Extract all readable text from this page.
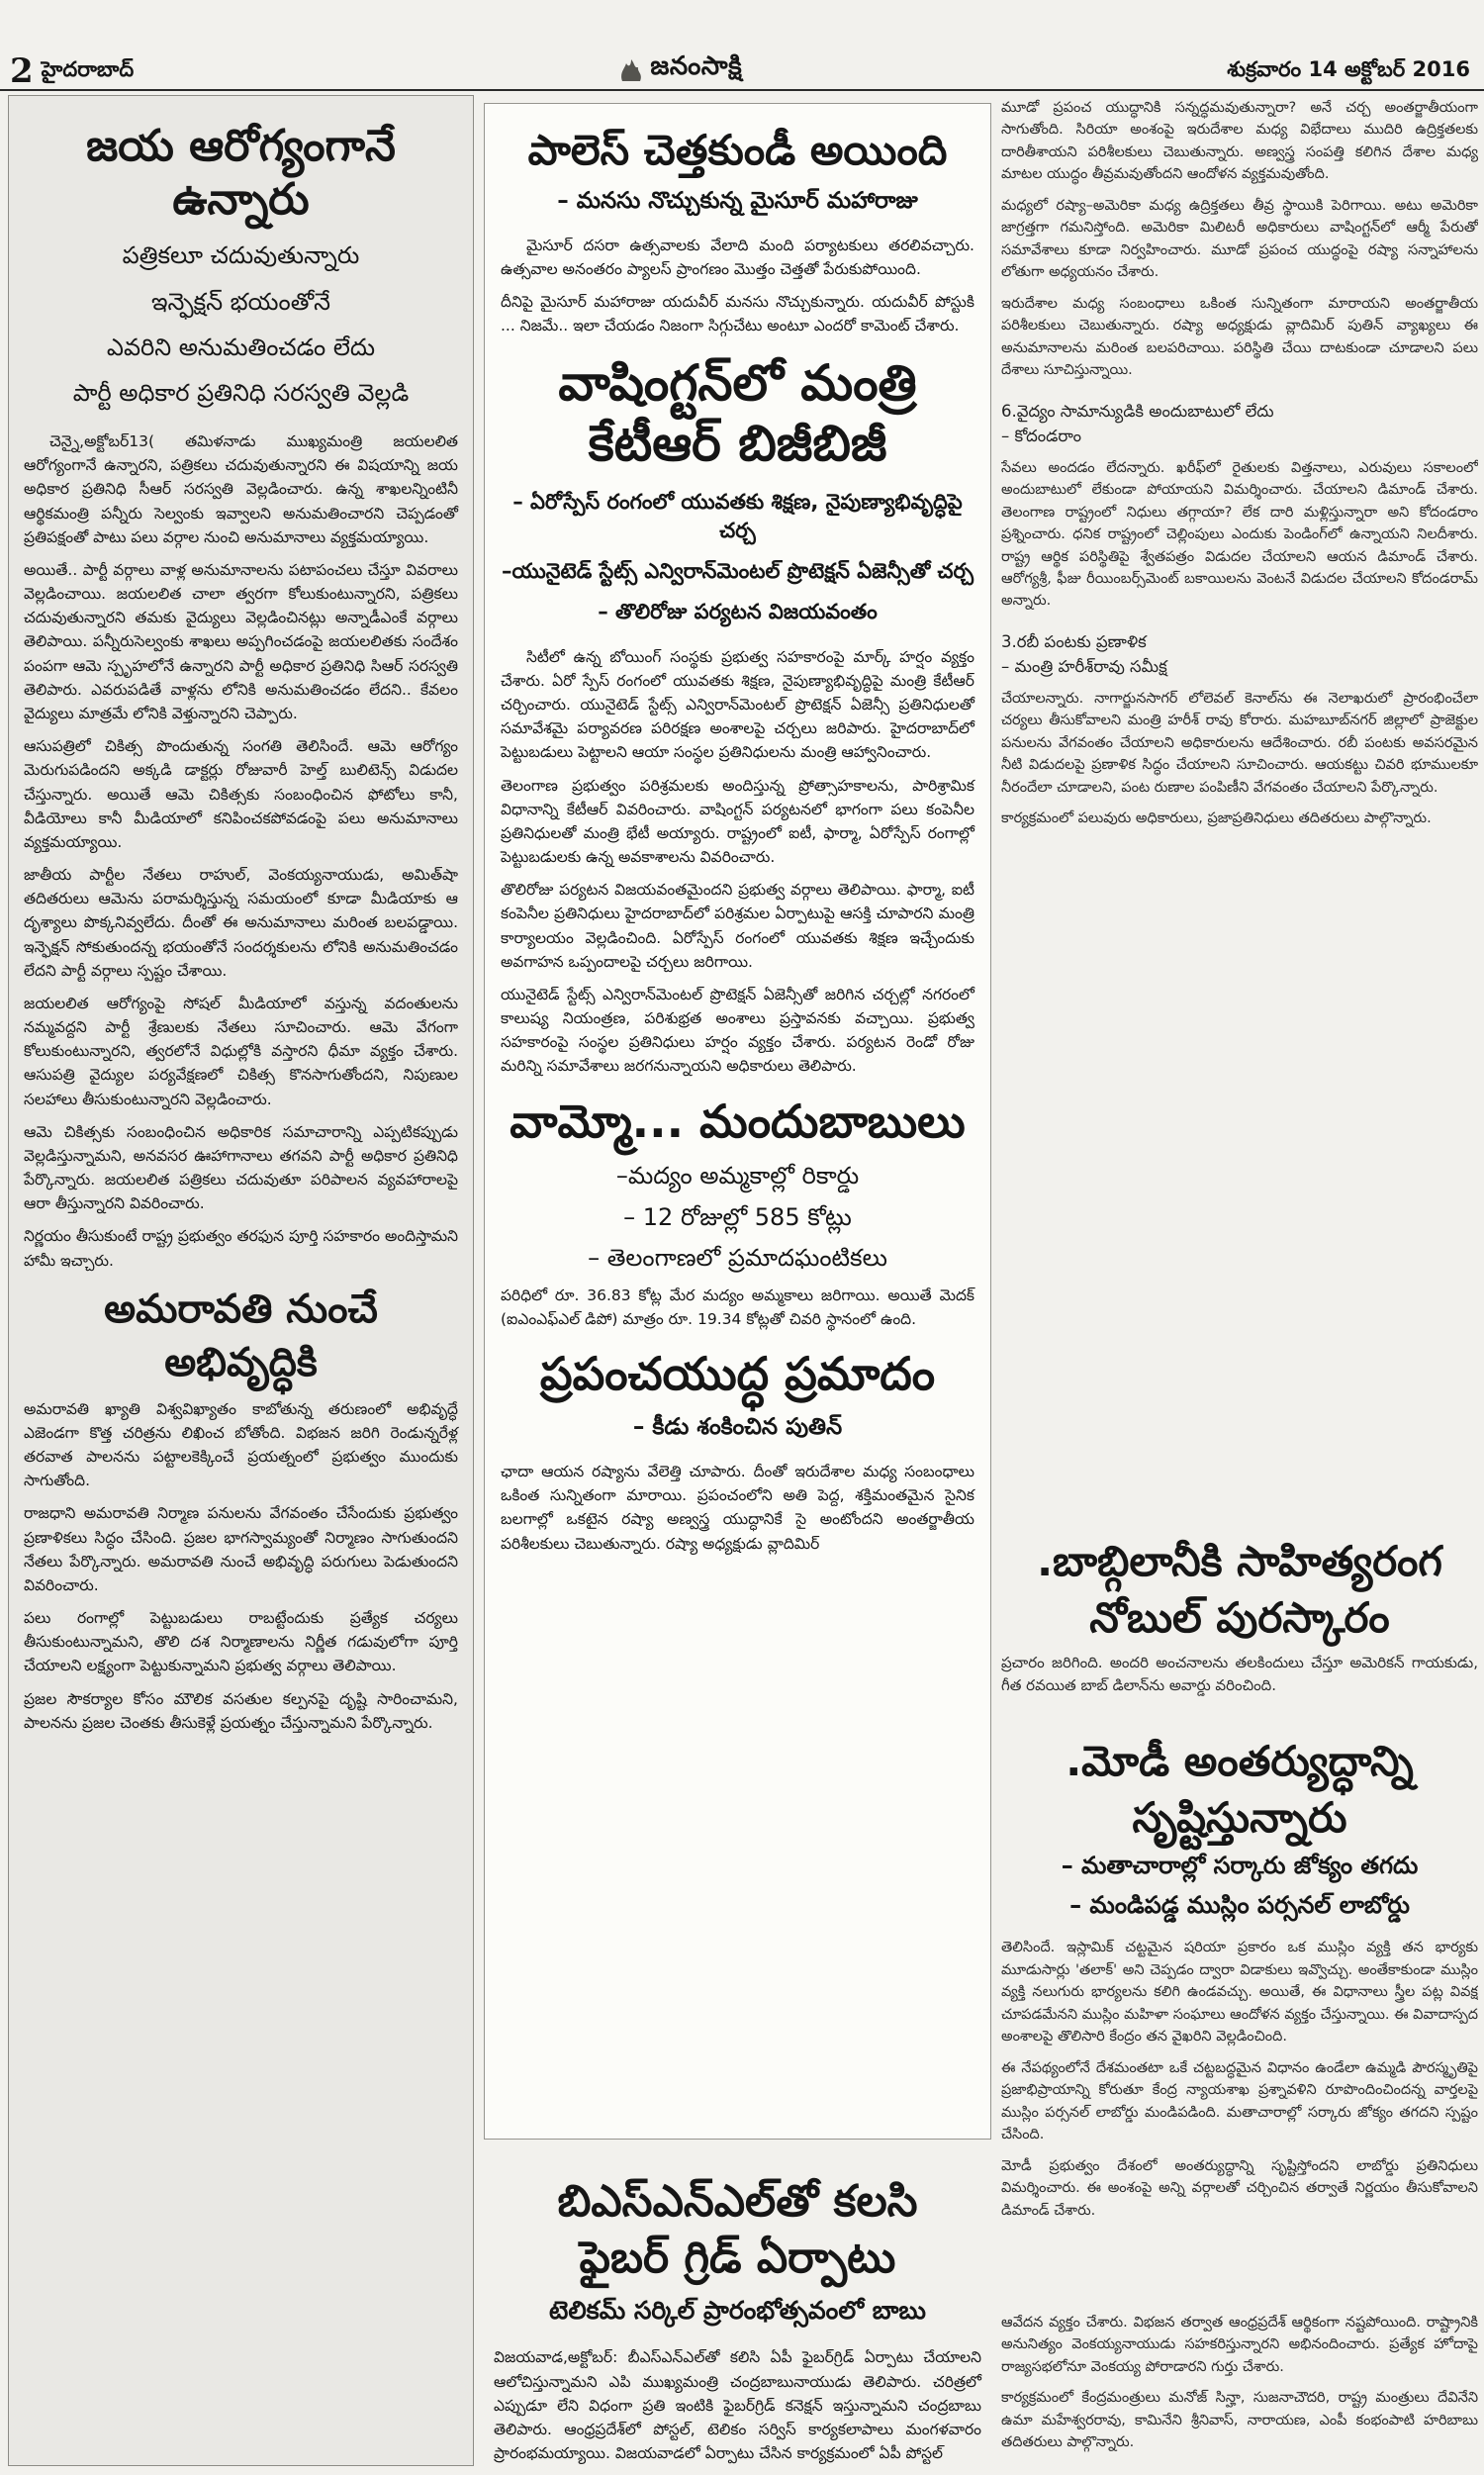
2 హైదరాబాద్	జనంసాక్షి	శుక్రవారం 14 అక్టోబర్ 2016
జయ ఆరోగ్యంగానే ఉన్నారు
పత్రికలూ చదువుతున్నారు
ఇన్ఫెక్షన్ భయంతోనే
ఎవరిని అనుమతించడం లేదు
పార్టీ అధికార ప్రతినిధి సరస్వతి వెల్లడి

చెన్నై,అక్టోబర్13( తమిళనాడు ముఖ్యమంత్రి జయలలిత ఆరోగ్యంగానే ఉన్నారని, పత్రికలు చదువుతున్నారని ఈ విషయాన్ని జయ అధికార ప్రతినిధి సీఆర్ సరస్వతి వెల్లడించారు. ఉన్న శాఖలన్నింటినీ ఆర్థికమంత్రి పన్నీరు సెల్వంకు ఇవ్వాలని అనుమతించారని చెప్పడంతో ప్రతిపక్షంతో పాటు పలు వర్గాల నుంచి అనుమానాలు వ్యక్తమయ్యాయి.

అయితే.. పార్టీ వర్గాలు వాళ్ల అనుమానాలను పటాపంచలు చేస్తూ వివరాలు వెల్లడించాయి. జయలలిత చాలా త్వరగా కోలుకుంటున్నారని, పత్రికలు చదువుతున్నారని తమకు వైద్యులు వెల్లడించినట్లు అన్నాడీఎంకే వర్గాలు తెలిపాయి. పన్నీరుసెల్వంకు శాఖలు అప్పగించడంపై జయలలితకు సందేశం పంపగా ఆమె స్పృహలోనే ఉన్నారని పార్టీ అధికార ప్రతినిధి సిఆర్ సరస్వతి తెలిపారు. ఎవరుపడితే వాళ్లను లోనికి అనుమతించడం లేదని.. కేవలం వైద్యులు మాత్రమే లోనికి వెళ్తున్నారని చెప్పారు.

ఆసుపత్రిలో చికిత్స పొందుతున్న సంగతి తెలిసిందే. ఆమె ఆరోగ్యం మెరుగుపడిందని అక్కడి డాక్టర్లు రోజువారీ హెల్త్ బులిటెన్స్ విడుదల చేస్తున్నారు. అయితే ఆమె చికిత్సకు సంబంధించిన ఫోటోలు కానీ, వీడియోలు కానీ మీడియాలో కనిపించకపోవడంపై పలు అనుమానాలు వ్యక్తమయ్యాయి.

జాతీయ పార్టీల నేతలు రాహుల్, వెంకయ్యనాయుడు, అమిత్‌షా తదితరులు ఆమెను పరామర్శిస్తున్న సమయంలో కూడా మీడియాకు ఆ దృశ్యాలు పొక్కనివ్వలేదు. దీంతో ఈ అనుమానాలు మరింత బలపడ్డాయి. ఇన్ఫెక్షన్ సోకుతుందన్న భయంతోనే సందర్శకులను లోనికి అనుమతించడం లేదని పార్టీ వర్గాలు స్పష్టం చేశాయి.

జయలలిత ఆరోగ్యంపై సోషల్ మీడియాలో వస్తున్న వదంతులను నమ్మవద్దని పార్టీ శ్రేణులకు నేతలు సూచించారు. ఆమె వేగంగా కోలుకుంటున్నారని, త్వరలోనే విధుల్లోకి వస్తారని ధీమా వ్యక్తం చేశారు. ఆసుపత్రి వైద్యుల పర్యవేక్షణలో చికిత్స కొనసాగుతోందని, నిపుణుల సలహాలు తీసుకుంటున్నారని వెల్లడించారు.

ఆమె చికిత్సకు సంబంధించిన అధికారిక సమాచారాన్ని ఎప్పటికప్పుడు వెల్లడిస్తున్నామని, అనవసర ఊహాగానాలు తగవని పార్టీ అధికార ప్రతినిధి పేర్కొన్నారు. జయలలిత పత్రికలు చదువుతూ పరిపాలన వ్యవహారాలపై ఆరా తీస్తున్నారని వివరించారు.

నిర్ణయం తీసుకుంటే రాష్ట్ర ప్రభుత్వం తరఫున పూర్తి సహకారం అందిస్తామని హామీ ఇచ్చారు.

అమరావతి నుంచే అభివృద్ధికి

అమరావతి ఖ్యాతి విశ్వవిఖ్యాతం కాబోతున్న తరుణంలో అభివృద్ధే ఎజెండగా కొత్త చరిత్రను లిఖించ బోతోంది. విభజన జరిగి రెండున్నరేళ్ల తరవాత పాలనను పట్టాలకెక్కించే ప్రయత్నంలో ప్రభుత్వం ముందుకు సాగుతోంది.

రాజధాని అమరావతి నిర్మాణ పనులను వేగవంతం చేసేందుకు ప్రభుత్వం ప్రణాళికలు సిద్ధం చేసింది. ప్రజల భాగస్వామ్యంతో నిర్మాణం సాగుతుందని నేతలు పేర్కొన్నారు. అమరావతి నుంచే అభివృద్ధి పరుగులు పెడుతుందని వివరించారు.

పలు రంగాల్లో పెట్టుబడులు రాబట్టేందుకు ప్రత్యేక చర్యలు తీసుకుంటున్నామని, తొలి దశ నిర్మాణాలను నిర్ణీత గడువులోగా పూర్తి చేయాలని లక్ష్యంగా పెట్టుకున్నామని ప్రభుత్వ వర్గాలు తెలిపాయి.

ప్రజల సౌకర్యాల కోసం మౌలిక వసతుల కల్పనపై దృష్టి సారించామని, పాలనను ప్రజల చెంతకు తీసుకెళ్లే ప్రయత్నం చేస్తున్నామని పేర్కొన్నారు.

పాలెస్ చెత్తకుండీ అయింది
– మనసు నొచ్చుకున్న మైసూర్ మహారాజు

మైసూర్ దసరా ఉత్సవాలకు వేలాది మంది పర్యాటకులు తరలివచ్చారు. ఉత్సవాల అనంతరం ప్యాలస్ ప్రాంగణం మొత్తం చెత్తతో పేరుకుపోయింది.

దీనిపై మైసూర్ మహారాజు యదువీర్ మనసు నొచ్చుకున్నారు. యదువీర్ పోస్టుకి ... నిజమే.. ఇలా చేయడం నిజంగా సిగ్గుచేటు అంటూ ఎందరో కామెంట్ చేశారు.

వాషింగ్టన్‌లో మంత్రి
కేటీఆర్ బిజీబిజీ
– ఏరోస్పేస్ రంగంలో యువతకు శిక్షణ, నైపుణ్యాభివృద్ధిపై చర్చ
–యునైటెడ్ స్టేట్స్ ఎన్విరాన్‌మెంటల్ ప్రొటెక్షన్ ఏజెన్సీతో చర్చ
– తొలిరోజు పర్యటన విజయవంతం

సిటీలో ఉన్న బోయింగ్ సంస్థకు ప్రభుత్వ సహకారంపై మార్క్ హర్షం వ్యక్తం చేశారు. ఏరో స్పేస్ రంగంలో యువతకు శిక్షణ, నైపుణ్యాభివృద్ధిపై మంత్రి కేటీఆర్ చర్చించారు. యునైటెడ్ స్టేట్స్ ఎన్విరాన్‌మెంటల్ ప్రొటెక్షన్ ఏజెన్సీ ప్రతినిధులతో సమావేశమై పర్యావరణ పరిరక్షణ అంశాలపై చర్చలు జరిపారు. హైదరాబాద్‌లో పెట్టుబడులు పెట్టాలని ఆయా సంస్థల ప్రతినిధులను మంత్రి ఆహ్వానించారు.

తెలంగాణ ప్రభుత్వం పరిశ్రమలకు అందిస్తున్న ప్రోత్సాహకాలను, పారిశ్రామిక విధానాన్ని కేటీఆర్ వివరించారు. వాషింగ్టన్ పర్యటనలో భాగంగా పలు కంపెనీల ప్రతినిధులతో మంత్రి భేటీ అయ్యారు. రాష్ట్రంలో ఐటీ, ఫార్మా, ఏరోస్పేస్ రంగాల్లో పెట్టుబడులకు ఉన్న అవకాశాలను వివరించారు.

తొలిరోజు పర్యటన విజయవంతమైందని ప్రభుత్వ వర్గాలు తెలిపాయి. ఫార్మా, ఐటీ కంపెనీల ప్రతినిధులు హైదరాబాద్‌లో పరిశ్రమల ఏర్పాటుపై ఆసక్తి చూపారని మంత్రి కార్యాలయం వెల్లడించింది. ఏరోస్పేస్ రంగంలో యువతకు శిక్షణ ఇచ్చేందుకు అవగాహన ఒప్పందాలపై చర్చలు జరిగాయి.

యునైటెడ్ స్టేట్స్ ఎన్విరాన్‌మెంటల్ ప్రొటెక్షన్ ఏజెన్సీతో జరిగిన చర్చల్లో నగరంలో కాలుష్య నియంత్రణ, పరిశుభ్రత అంశాలు ప్రస్తావనకు వచ్చాయి. ప్రభుత్వ సహకారంపై సంస్థల ప్రతినిధులు హర్షం వ్యక్తం చేశారు. పర్యటన రెండో రోజు మరిన్ని సమావేశాలు జరగనున్నాయని అధికారులు తెలిపారు.

వామ్మో... మందుబాబులు
–మద్యం అమ్మకాల్లో రికార్డు
– 12 రోజుల్లో 585 కోట్లు
– తెలంగాణలో ప్రమాదఘంటికలు

పరిధిలో రూ. 36.83 కోట్ల మేర మద్యం అమ్మకాలు జరిగాయి. అయితే మెదక్ (ఐఎంఎఫ్ఎల్ డిపో) మాత్రం రూ. 19.34 కోట్లతో చివరి స్థానంలో ఉంది.

ప్రపంచయుద్ధ ప్రమాదం
– కీడు శంకించిన పుతిన్

ఛాదా ఆయన రష్యాను వేలెత్తి చూపారు. దీంతో ఇరుదేశాల మధ్య సంబంధాలు ఒకింత సున్నితంగా మారాయి. ప్రపంచంలోని అతి పెద్ద, శక్తిమంతమైన సైనిక బలగాల్లో ఒకటైన రష్యా అణ్వస్త్ర యుద్ధానికే సై అంటోందని అంతర్జాతీయ పరిశీలకులు చెబుతున్నారు. రష్యా అధ్యక్షుడు వ్లాదిమిర్

బిఎస్ఎన్ఎల్‌తో కలసి
ఫైబర్ గ్రిడ్ ఏర్పాటు
టెలికమ్ సర్కిల్ ప్రారంభోత్సవంలో బాబు

విజయవాడ,అక్టోబర్: బీఎస్ఎన్ఎల్‌తో కలిసి ఏపీ ఫైబర్‌గ్రిడ్ ఏర్పాటు చేయాలని ఆలోచిస్తున్నామని ఎపి ముఖ్యమంత్రి చంద్రబాబునాయుడు తెలిపారు. చరిత్రలో ఎప్పుడూ లేని విధంగా ప్రతి ఇంటికి ఫైబర్‌గ్రిడ్ కనెక్షన్ ఇస్తున్నామని చంద్రబాబు తెలిపారు. ఆంధ్రప్రదేశ్‌లో పోస్టల్, టెలికం సర్విస్ కార్యకలాపాలు మంగళవారం ప్రారంభమయ్యాయి. విజయవాడలో ఏర్పాటు చేసిన కార్యక్రమంలో ఏపీ పోస్టల్

మూడో ప్రపంచ యుద్ధానికి సన్నద్ధమవుతున్నారా? అనే చర్చ అంతర్జాతీయంగా సాగుతోంది. సిరియా అంశంపై ఇరుదేశాల మధ్య విభేదాలు ముదిరి ఉద్రిక్తతలకు దారితీశాయని పరిశీలకులు చెబుతున్నారు. అణ్వస్త్ర సంపత్తి కలిగిన దేశాల మధ్య మాటల యుద్ధం తీవ్రమవుతోందని ఆందోళన వ్యక్తమవుతోంది.

మధ్యలో రష్యా–అమెరికా మధ్య ఉద్రిక్తతలు తీవ్ర స్థాయికి పెరిగాయి. అటు అమెరికా జాగ్రత్తగా గమనిస్తోంది. అమెరికా మిలిటరీ అధికారులు వాషింగ్టన్‌లో ఆర్మీ పేరుతో సమావేశాలు కూడా నిర్వహించారు. మూడో ప్రపంచ యుద్ధంపై రష్యా సన్నాహాలను లోతుగా అధ్యయనం చేశారు.

ఇరుదేశాల మధ్య సంబంధాలు ఒకింత సున్నితంగా మారాయని అంతర్జాతీయ పరిశీలకులు చెబుతున్నారు. రష్యా అధ్యక్షుడు వ్లాదిమిర్ పుతిన్ వ్యాఖ్యలు ఈ అనుమానాలను మరింత బలపరిచాయి. పరిస్థితి చేయి దాటకుండా చూడాలని పలు దేశాలు సూచిస్తున్నాయి.

6.వైద్యం సామాన్యుడికి అందుబాటులో లేదు
– కోదండరాం

సేవలు అందడం లేదన్నారు. ఖరీఫ్‌లో రైతులకు విత్తనాలు, ఎరువులు సకాలంలో అందుబాటులో లేకుండా పోయాయని విమర్శించారు. చేయాలని డిమాండ్ చేశారు. తెలంగాణ రాష్ట్రంలో నిధులు తగ్గాయా? లేక దారి మళ్లిస్తున్నారా అని కోదండరాం ప్రశ్నించారు. ధనిక రాష్ట్రంలో చెల్లింపులు ఎందుకు పెండింగ్‌లో ఉన్నాయని నిలదీశారు. రాష్ట్ర ఆర్థిక పరిస్థితిపై శ్వేతపత్రం విడుదల చేయాలని ఆయన డిమాండ్ చేశారు. ఆరోగ్యశ్రీ, ఫీజు రీయింబర్స్‌మెంట్ బకాయిలను వెంటనే విడుదల చేయాలని కోదండరామ్ అన్నారు.

3.రబీ పంటకు ప్రణాళిక
– మంత్రి హరీశ్‌రావు సమీక్ష

చేయాలన్నారు. నాగార్జునసాగర్ లోలెవల్ కెనాల్‌ను ఈ నెలాఖరులో ప్రారంభించేలా చర్యలు తీసుకోవాలని మంత్రి హరీశ్ రావు కోరారు. మహబూబ్‌నగర్ జిల్లాలో ప్రాజెక్టుల పనులను వేగవంతం చేయాలని అధికారులను ఆదేశించారు. రబీ పంటకు అవసరమైన నీటి విడుదలపై ప్రణాళిక సిద్ధం చేయాలని సూచించారు. ఆయకట్టు చివరి భూములకూ నీరందేలా చూడాలని, పంట రుణాల పంపిణీని వేగవంతం చేయాలని పేర్కొన్నారు.

కార్యక్రమంలో పలువురు అధికారులు, ప్రజాప్రతినిధులు తదితరులు పాల్గొన్నారు.

.బాబ్గిలానీకి సాహిత్యరంగ
నోబుల్ పురస్కారం

ప్రచారం జరిగింది. అందరి అంచనాలను తలకిందులు చేస్తూ అమెరికన్ గాయకుడు, గీత రవయిత బాబ్ డిలాన్‌ను అవార్డు వరించింది.

.మోడీ అంతర్యుద్ధాన్ని
సృష్టిస్తున్నారు
– మతాచారాల్లో సర్కారు జోక్యం తగదు
– మండిపడ్డ ముస్లిం పర్సనల్ లాబోర్డు

తెలిసిందే. ఇస్లామిక్ చట్టమైన షరియా ప్రకారం ఒక ముస్లిం వ్యక్తి తన భార్యకు మూడుసార్లు 'తలాక్' అని చెప్పడం ద్వారా విడాకులు ఇవ్వొచ్చు. అంతేకాకుండా ముస్లిం వ్యక్తి నలుగురు భార్యలను కలిగి ఉండవచ్చు. అయితే, ఈ విధానాలు స్త్రీల పట్ల వివక్ష చూపడమేనని ముస్లిం మహిళా సంఘాలు ఆందోళన వ్యక్తం చేస్తున్నాయి. ఈ వివాదాస్పద అంశాలపై తొలిసారి కేంద్రం తన వైఖరిని వెల్లడించింది.

ఈ నేపథ్యంలోనే దేశమంతటా ఒకే చట్టబద్ధమైన విధానం ఉండేలా ఉమ్మడి పౌరస్మృతిపై ప్రజాభిప్రాయాన్ని కోరుతూ కేంద్ర న్యాయశాఖ ప్రశ్నావళిని రూపొందించిందన్న వార్తలపై ముస్లిం పర్సనల్ లాబోర్డు మండిపడింది. మతాచారాల్లో సర్కారు జోక్యం తగదని స్పష్టం చేసింది.

మోడీ ప్రభుత్వం దేశంలో అంతర్యుద్ధాన్ని సృష్టిస్తోందని లాబోర్డు ప్రతినిధులు విమర్శించారు. ఈ అంశంపై అన్ని వర్గాలతో చర్చించిన తర్వాతే నిర్ణయం తీసుకోవాలని డిమాండ్ చేశారు.

ఆవేదన వ్యక్తం చేశారు. విభజన తర్వాత ఆంధ్రప్రదేశ్ ఆర్థికంగా నష్టపోయింది. రాష్ట్రానికి అనునిత్యం వెంకయ్యనాయుడు సహకరిస్తున్నారని అభినందించారు. ప్రత్యేక హోదాపై రాజ్యసభలోనూ వెంకయ్య పోరాడారని గుర్తు చేశారు.

కార్యక్రమంలో కేంద్రమంత్రులు మనోజ్ సిన్హా, సుజనాచౌదరి, రాష్ట్ర మంత్రులు దేవినేని ఉమా మహేశ్వరరావు, కామినేని శ్రీనివాస్, నారాయణ, ఎంపీ కంభంపాటి హరిబాబు తదితరులు పాల్గొన్నారు.
